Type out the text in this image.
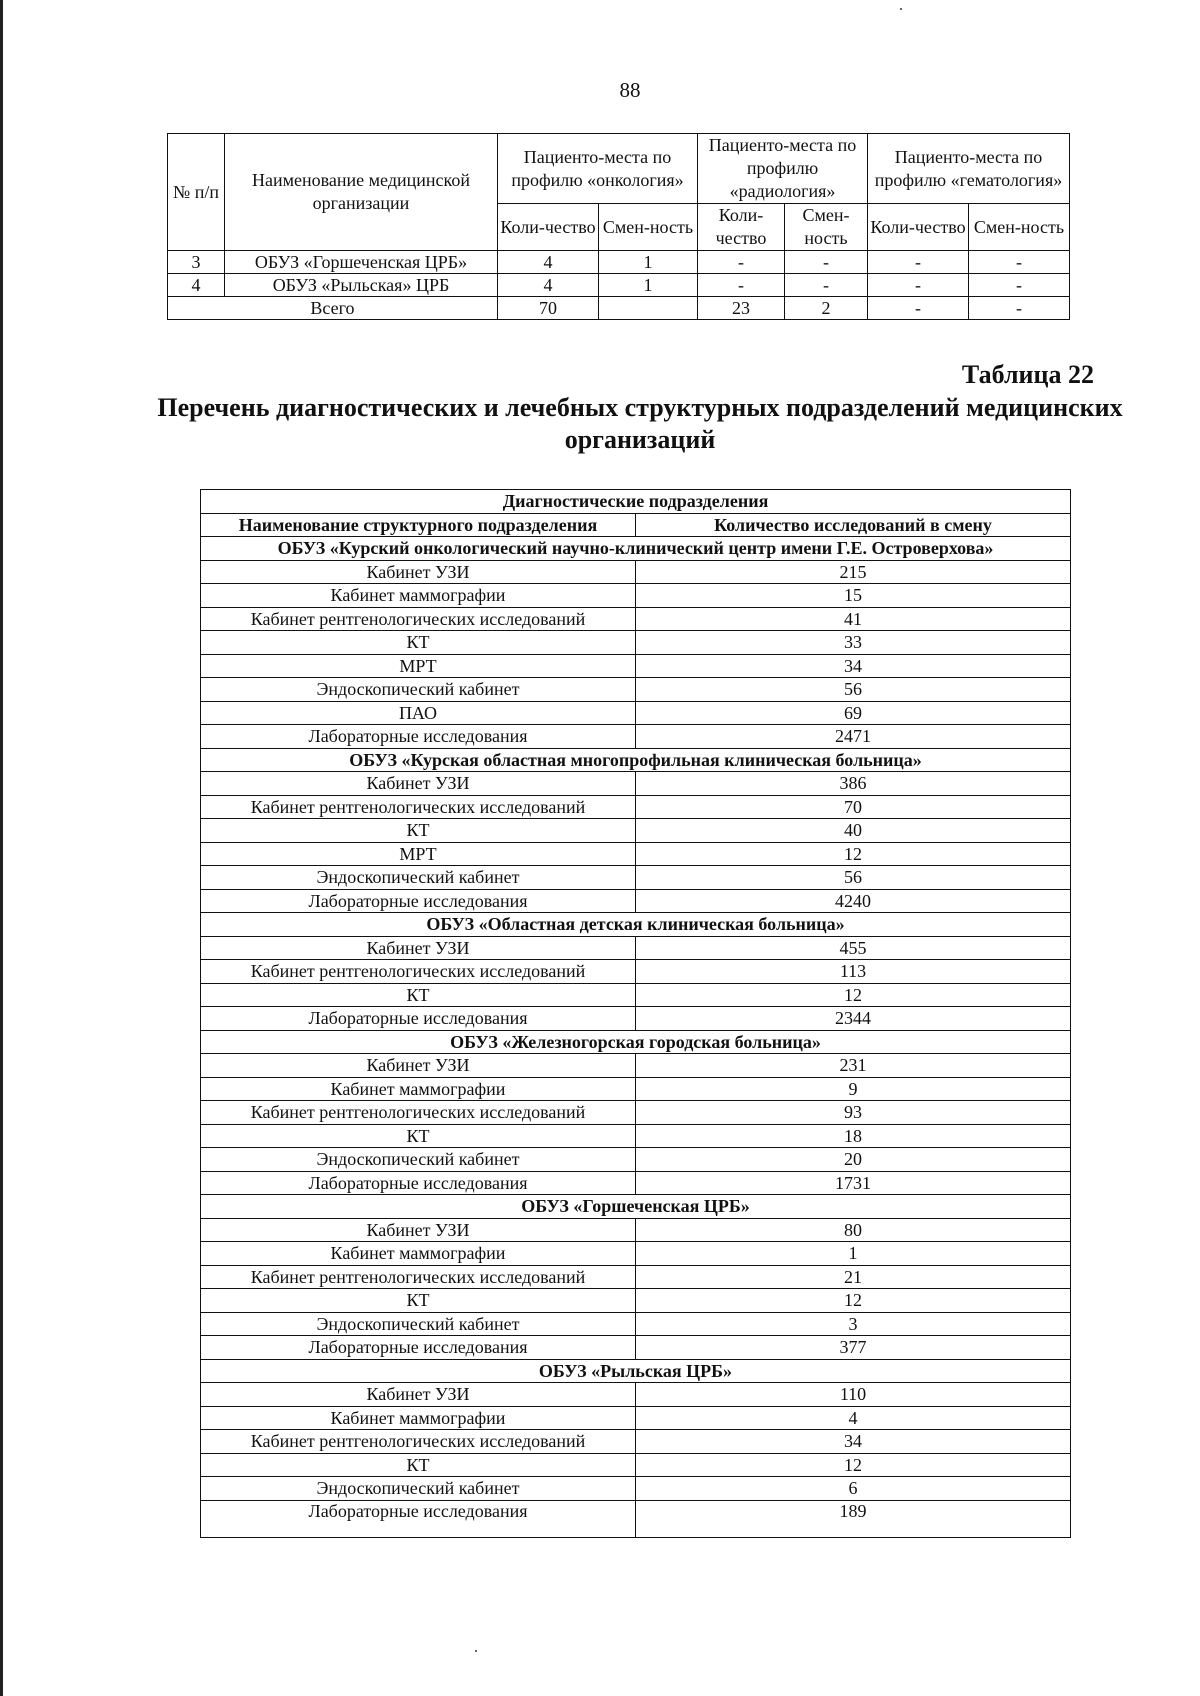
88
№ п/п	Наименование медицинской организации	Пациенто-места по профилю «онкология»		Пациенто-места по профилю «радиология»		Пациенто-места по профилю «гематология»	
		Коли-чество	Смен-ность	Коли-чество	Смен-ность	Коли-чество	Смен-ность
3	ОБУЗ «Горшеченская ЦРБ»	4	1	-	-	-	-
4	ОБУЗ «Рыльская» ЦРБ	4	1	-	-	-	-
Всего		70		23	2	-	-
Таблица 22
Перечень диагностических и лечебных структурных подразделений медицинских организаций
Диагностические подразделения	
Наименование структурного подразделения	Количество исследований в смену
ОБУЗ «Курский онкологический научно-клинический центр имени Г.Е. Островерхова»	
Кабинет УЗИ	215
Кабинет маммографии	15
Кабинет рентгенологических исследований	41
КТ	33
МРТ	34
Эндоскопический кабинет	56
ПАО	69
Лабораторные исследования	2471
ОБУЗ «Курская областная многопрофильная клиническая больница»	
Кабинет УЗИ	386
Кабинет рентгенологических исследований	70
КТ	40
МРТ	12
Эндоскопический кабинет	56
Лабораторные исследования	4240
ОБУЗ «Областная детская клиническая больница»	
Кабинет УЗИ	455
Кабинет рентгенологических исследований	113
КТ	12
Лабораторные исследования	2344
ОБУЗ «Железногорская городская больница»	
Кабинет УЗИ	231
Кабинет маммографии	9
Кабинет рентгенологических исследований	93
КТ	18
Эндоскопический кабинет	20
Лабораторные исследования	1731
ОБУЗ «Горшеченская ЦРБ»	
Кабинет УЗИ	80
Кабинет маммографии	1
Кабинет рентгенологических исследований	21
КТ	12
Эндоскопический кабинет	3
Лабораторные исследования	377
ОБУЗ «Рыльская ЦРБ»	
Кабинет УЗИ	110
Кабинет маммографии	4
Кабинет рентгенологических исследований	34
КТ	12
Эндоскопический кабинет	6
Лабораторные исследования	189
